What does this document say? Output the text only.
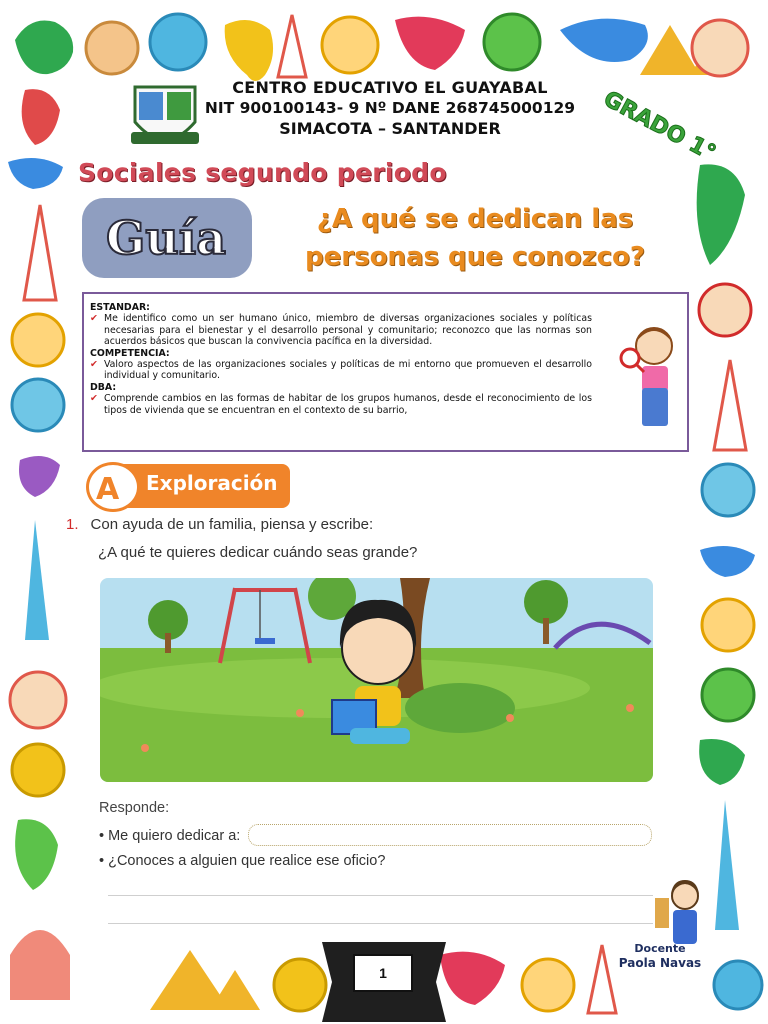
CENTRO EDUCATIVO EL GUAYABAL
NIT 900100143- 9 Nº DANE 268745000129
SIMACOTA – SANTANDER	GRADO 1°
Sociales segundo periodo
Guía	¿A qué se dedican las
personas que conozco?
ESTANDAR:
✔ Me identifico como un ser humano único, miembro de diversas organizaciones sociales y políticas necesarias para el bienestar y el desarrollo personal y comunitario; reconozco que las normas son acuerdos básicos que buscan la convivencia pacífica en la diversidad.
COMPETENCIA:
✔ Valoro aspectos de las organizaciones sociales y políticas de mi entorno que promueven el desarrollo individual y comunitario.
DBA:
✔ Comprende cambios en las formas de habitar de los grupos humanos, desde el reconocimiento de los tipos de vivienda que se encuentran en el contexto de su barrio,
A Exploración
1. Con ayuda de un familia, piensa y escribe:
¿A qué te quieres dedicar cuándo seas grande?
Responde:
• Me quiero dedicar a:
• ¿Conoces a alguien que realice ese oficio?
Docente
Paola Navas
1
